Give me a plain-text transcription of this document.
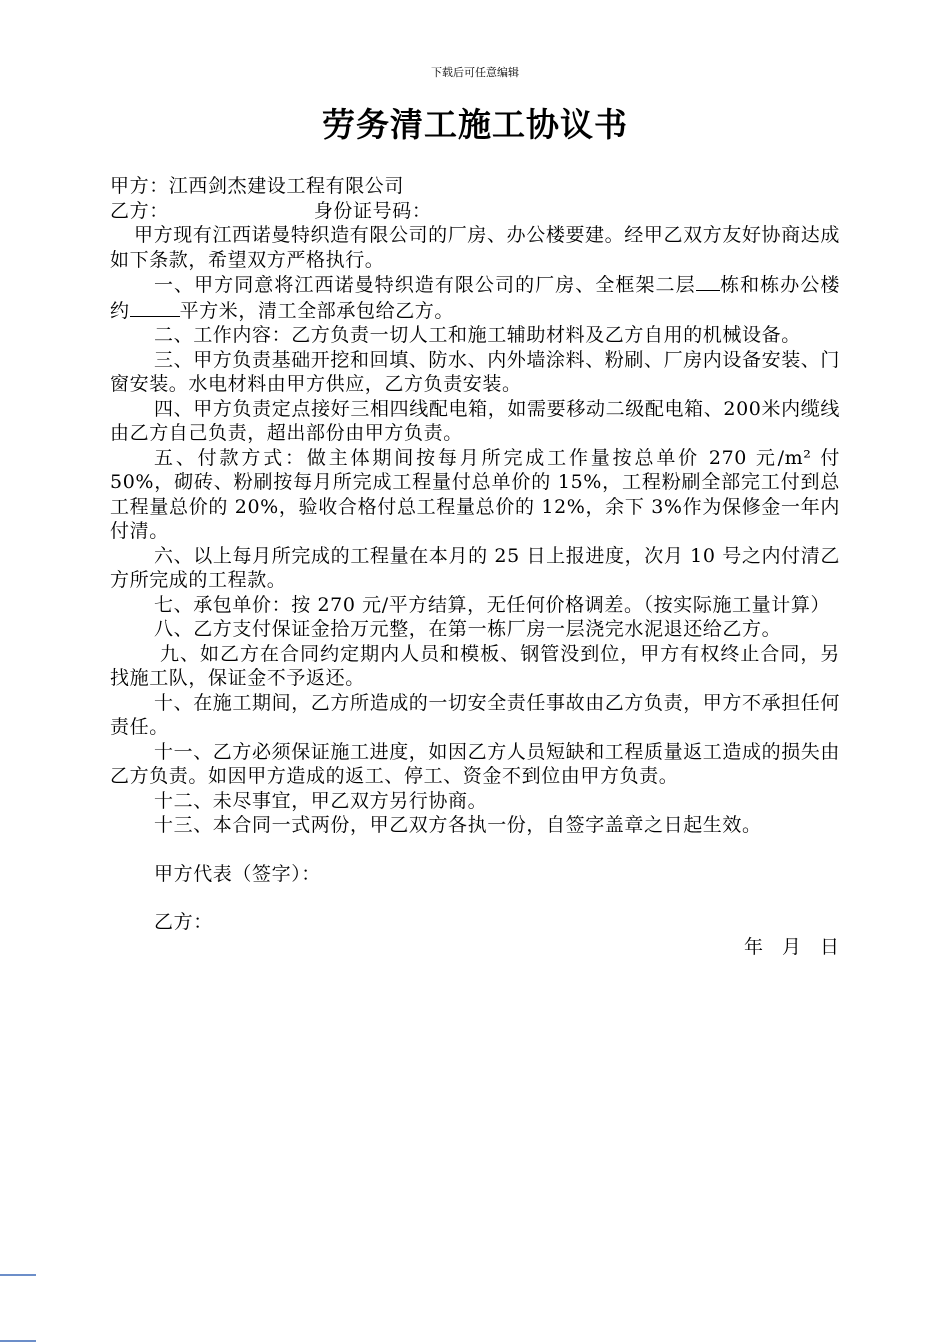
下载后可任意编辑
劳务清工施工协议书

甲方：江西剑杰建设工程有限公司

乙方：	身份证号码：

甲方现有江西诺曼特织造有限公司的厂房、办公楼要建。经甲乙双方友好协商达成如下条款，希望双方严格执行。

一、甲方同意将江西诺曼特织造有限公司的厂房、全框架二层 栋和栋办公楼约	平方米，清工全部承包给乙方。

二、工作内容：乙方负责一切人工和施工辅助材料及乙方自用的机械设备。

三、甲方负责基础开挖和回填、防水、内外墙涂料、粉刷、厂房内设备安装、门窗安装。水电材料由甲方供应，乙方负责安装。

四、甲方负责定点接好三相四线配电箱，如需要移动二级配电箱、200米内缆线由乙方自己负责，超出部份由甲方负责。

五、付款方式：做主体期间按每月所完成工作量按总单价 270 元/m² 付 50%，砌砖、粉刷按每月所完成工程量付总单价的 15%，工程粉刷全部完工付到总工程量总价的 20%，验收合格付总工程量总价的 12%，余下 3%作为保修金一年内付清。

六、以上每月所完成的工程量在本月的 25 日上报进度，次月 10 号之内付清乙方所完成的工程款。

七、承包单价：按 270 元/平方结算，无任何价格调差。（按实际施工量计算）

八、乙方支付保证金拾万元整，在第一栋厂房一层浇完水泥退还给乙方。

九、如乙方在合同约定期内人员和模板、钢管没到位，甲方有权终止合同，另找施工队，保证金不予返还。

十、在施工期间，乙方所造成的一切安全责任事故由乙方负责，甲方不承担任何责任。

十一、乙方必须保证施工进度，如因乙方人员短缺和工程质量返工造成的损失由乙方负责。如因甲方造成的返工、停工、资金不到位由甲方负责。

十二、未尽事宜，甲乙双方另行协商。

十三、本合同一式两份，甲乙双方各执一份，自签字盖章之日起生效。

甲方代表（签字）：

乙方：

年 月 日
